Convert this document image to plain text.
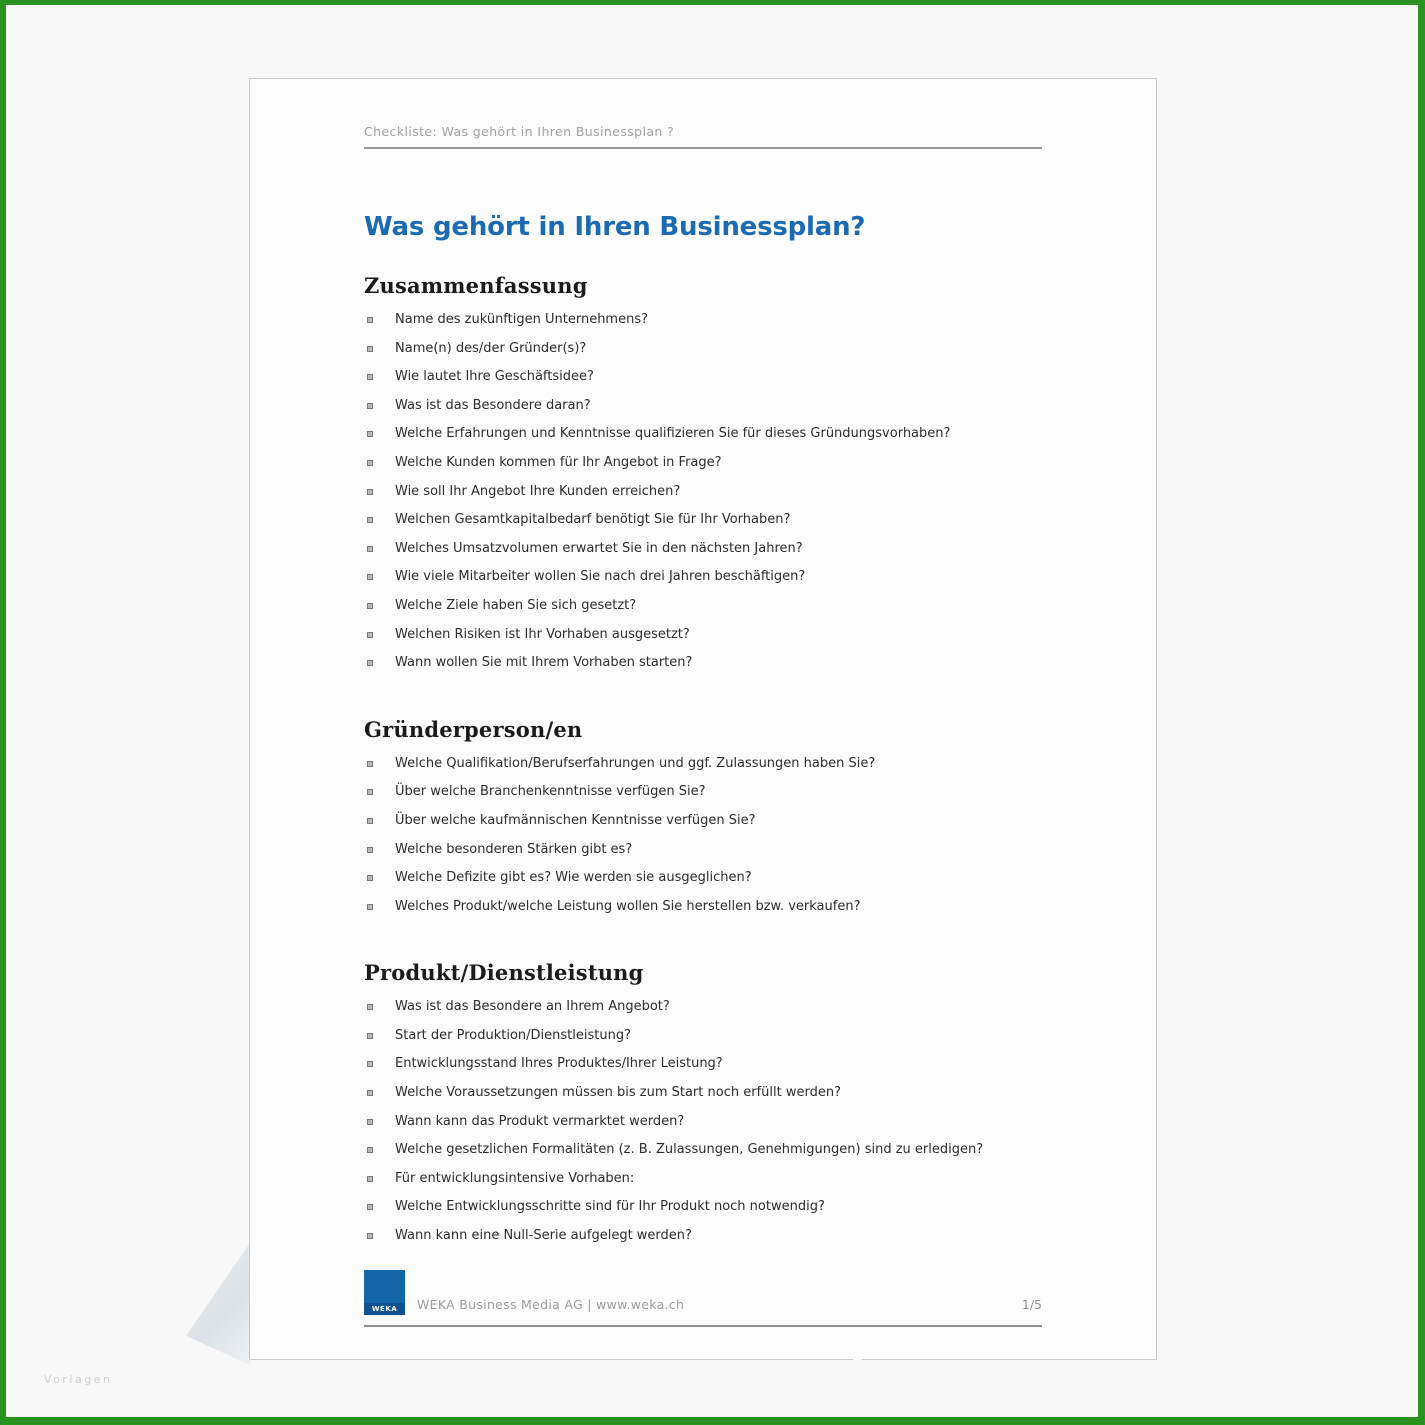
Checkliste: Was gehört in Ihren Businessplan ?
Was gehört in Ihren Businessplan?
Zusammenfassung
Name des zukünftigen Unternehmens?
Name(n) des/der Gründer(s)?
Wie lautet Ihre Geschäftsidee?
Was ist das Besondere daran?
Welche Erfahrungen und Kenntnisse qualifizieren Sie für dieses Gründungsvorhaben?
Welche Kunden kommen für Ihr Angebot in Frage?
Wie soll Ihr Angebot Ihre Kunden erreichen?
Welchen Gesamtkapitalbedarf benötigt Sie für Ihr Vorhaben?
Welches Umsatzvolumen erwartet Sie in den nächsten Jahren?
Wie viele Mitarbeiter wollen Sie nach drei Jahren beschäftigen?
Welche Ziele haben Sie sich gesetzt?
Welchen Risiken ist Ihr Vorhaben ausgesetzt?
Wann wollen Sie mit Ihrem Vorhaben starten?
Gründerperson/en
Welche Qualifikation/Berufserfahrungen und ggf. Zulassungen haben Sie?
Über welche Branchenkenntnisse verfügen Sie?
Über welche kaufmännischen Kenntnisse verfügen Sie?
Welche besonderen Stärken gibt es?
Welche Defizite gibt es? Wie werden sie ausgeglichen?
Welches Produkt/welche Leistung wollen Sie herstellen bzw. verkaufen?
Produkt/Dienstleistung
Was ist das Besondere an Ihrem Angebot?
Start der Produktion/Dienstleistung?
Entwicklungsstand Ihres Produktes/Ihrer Leistung?
Welche Voraussetzungen müssen bis zum Start noch erfüllt werden?
Wann kann das Produkt vermarktet werden?
Welche gesetzlichen Formalitäten (z. B. Zulassungen, Genehmigungen) sind zu erledigen?
Für entwicklungsintensive Vorhaben:
Welche Entwicklungsschritte sind für Ihr Produkt noch notwendig?
Wann kann eine Null-Serie aufgelegt werden?
WEKA	WEKA Business Media AG | www.weka.ch	1/5
Vorlagen
